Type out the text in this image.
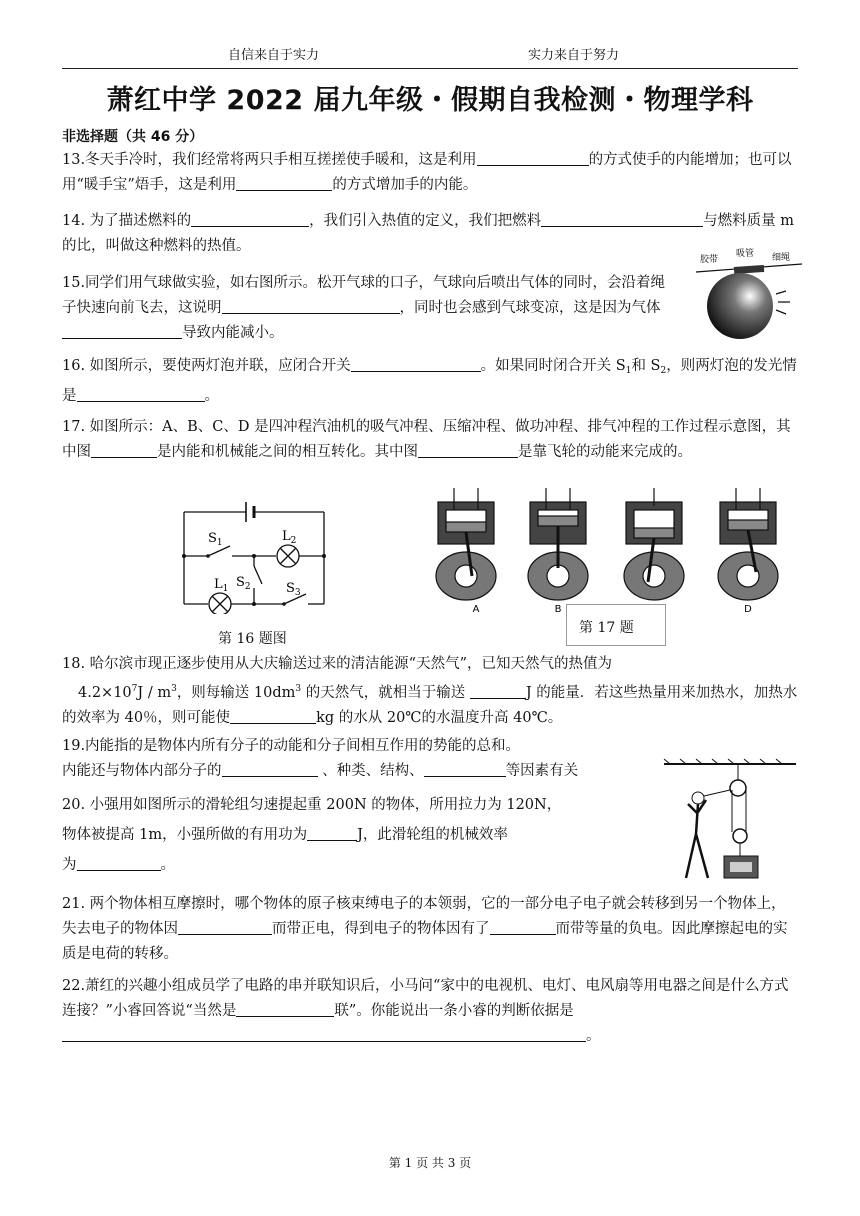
自信来自于实力	实力来自于努力
萧红中学 2022 届九年级・假期自我检测・物理学科
非选择题（共 46 分）

13.冬天手冷时，我们经常将两只手相互搓搓使手暖和，这是利用	的方式使手的内能增加；也可以用“暖手宝”焐手，这是利用	的方式增加手的内能。

14. 为了描述燃料的	，我们引入热值的定义，我们把燃料	与燃料质量 m 的比，叫做这种燃料的热值。

15.同学们用气球做实验，如右图所示。松开气球的口子，气球向后喷出气体的同时，会沿着绳子快速向前飞去，这说明	，同时也会感到气球变凉，这是因为气体导致内能减小。

胶带
吸管 细绳

16. 如图所示，要使两灯泡并联，应闭合开关	。如果同时闭合开关 $S_1$和 $S_2$，则两灯泡的发光情是	。

17. 如图所示：A、B、C、D 是四冲程汽油机的吸气冲程、压缩冲程、做功冲程、排气冲程的工作过程示意图，其中图	是内能和机械能之间的相互转化。其中图	是靠飞轮的动能来完成的。

$S_1$	$L_2$
$L_1$ $S_2$	$S_3$
第 16 题图
A	B	D
第 17 题

18. 哈尔滨市现正逐步使用从大庆输送过来的清洁能源“天然气”，已知天然气的热值为
$4.2\times 10^7J / m^3$，则每输送 $10dm^3$ 的天然气，就相当于输送	J 的能量．若这些热量用来加热水，加热水的效率为 40％，则可能使	kg 的水从 20℃的水温度升高 40℃。

19.内能指的是物体内所有分子的动能和分子间相互作用的势能的总和。
内能还与物体内部分子的	、种类、结构、	等因素有关

20. 小强用如图所示的滑轮组匀速提起重 200N 的物体，所用拉力为 120N，
物体被提高 1m，小强所做的有用功为	J，此滑轮组的机械效率
为	。

21. 两个物体相互摩擦时，哪个物体的原子核束缚电子的本领弱，它的一部分电子电子就会转移到另一个物体上，失去电子的物体因	而带正电，得到电子的物体因有了	而带等量的负电。因此摩擦起电的实质是电荷的转移。

22.萧红的兴趣小组成员学了电路的串并联知识后，小马问“家中的电视机、电灯、电风扇等用电器之间是什么方式连接？”小睿回答说“当然是	联”。你能说出一条小睿的判断依据是。

第 1 页 共 3 页
